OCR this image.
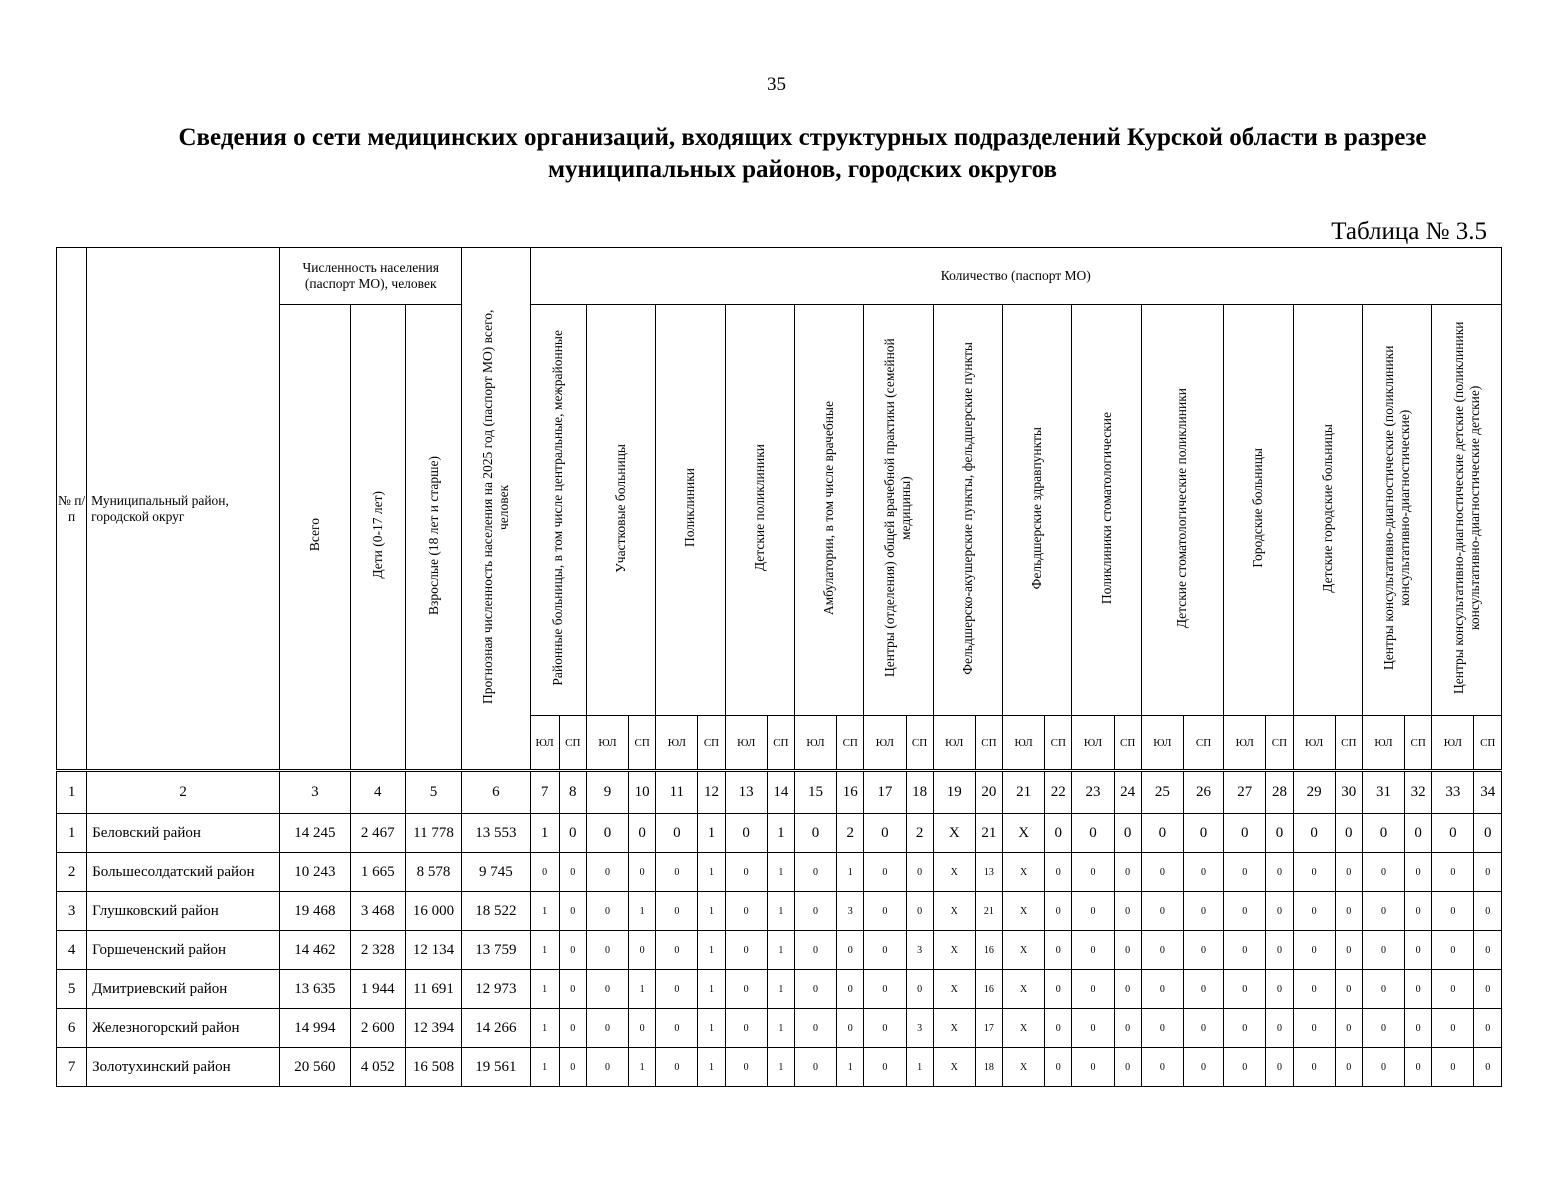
35
Сведения о сети медицинских организаций, входящих структурных подразделений Курской области в разрезе
муниципальных районов, городских округов
Таблица № 3.5
№ п/ п	Муниципальный район, городской округ	Численность населения (паспорт МО), человек			Прогнозная численность населения на 2025 год (паспорт МО) всего, человек	Количество (паспорт МО)																											
		Всего	Дети (0-17 лет)	Взрослые (18 лет и старше)		Районные больницы, в том числе центральные, межрайонные		Участковые больницы		Поликлиники		Детские поликлиники		Амбулатории, в том числе врачебные		Центры (отделения) общей врачебной практики (семейной медицины)		Фельдшерско-акушерские пункты, фельдшерские пункты		Фельдшерские здравпункты		Поликлиники стоматологические		Детские стоматологические поликлиники		Городские больницы		Детские городские больницы		Центры консультативно-диагностические (поликлиники консультативно-диагностические)		Центры консультативно-диагностические детские (поликлиники консультативно-диагностические детские)	
						ЮЛ	СП	ЮЛ	СП	ЮЛ	СП	ЮЛ	СП	ЮЛ	СП	ЮЛ	СП	ЮЛ	СП	ЮЛ	СП	ЮЛ	СП	ЮЛ	СП	ЮЛ	СП	ЮЛ	СП	ЮЛ	СП	ЮЛ	СП
1	2	3	4	5	6	7	8	9	10	11	12	13	14	15	16	17	18	19	20	21	22	23	24	25	26	27	28	29	30	31	32	33	34
1	Беловский район	14 245	2 467	11 778	13 553	1	0	0	0	0	1	0	1	0	2	0	2	Х	21	Х	0	0	0	0	0	0	0	0	0	0	0	0	0
2	Большесолдатский район	10 243	1 665	8 578	9 745	0	0	0	0	0	1	0	1	0	1	0	0	Х	13	Х	0	0	0	0	0	0	0	0	0	0	0	0	0
3	Глушковский район	19 468	3 468	16 000	18 522	1	0	0	1	0	1	0	1	0	3	0	0	Х	21	Х	0	0	0	0	0	0	0	0	0	0	0	0	0
4	Горшеченский район	14 462	2 328	12 134	13 759	1	0	0	0	0	1	0	1	0	0	0	3	Х	16	Х	0	0	0	0	0	0	0	0	0	0	0	0	0
5	Дмитриевский район	13 635	1 944	11 691	12 973	1	0	0	1	0	1	0	1	0	0	0	0	Х	16	Х	0	0	0	0	0	0	0	0	0	0	0	0	0
6	Железногорский район	14 994	2 600	12 394	14 266	1	0	0	0	0	1	0	1	0	0	0	3	Х	17	Х	0	0	0	0	0	0	0	0	0	0	0	0	0
7	Золотухинский район	20 560	4 052	16 508	19 561	1	0	0	1	0	1	0	1	0	1	0	1	Х	18	Х	0	0	0	0	0	0	0	0	0	0	0	0	0
